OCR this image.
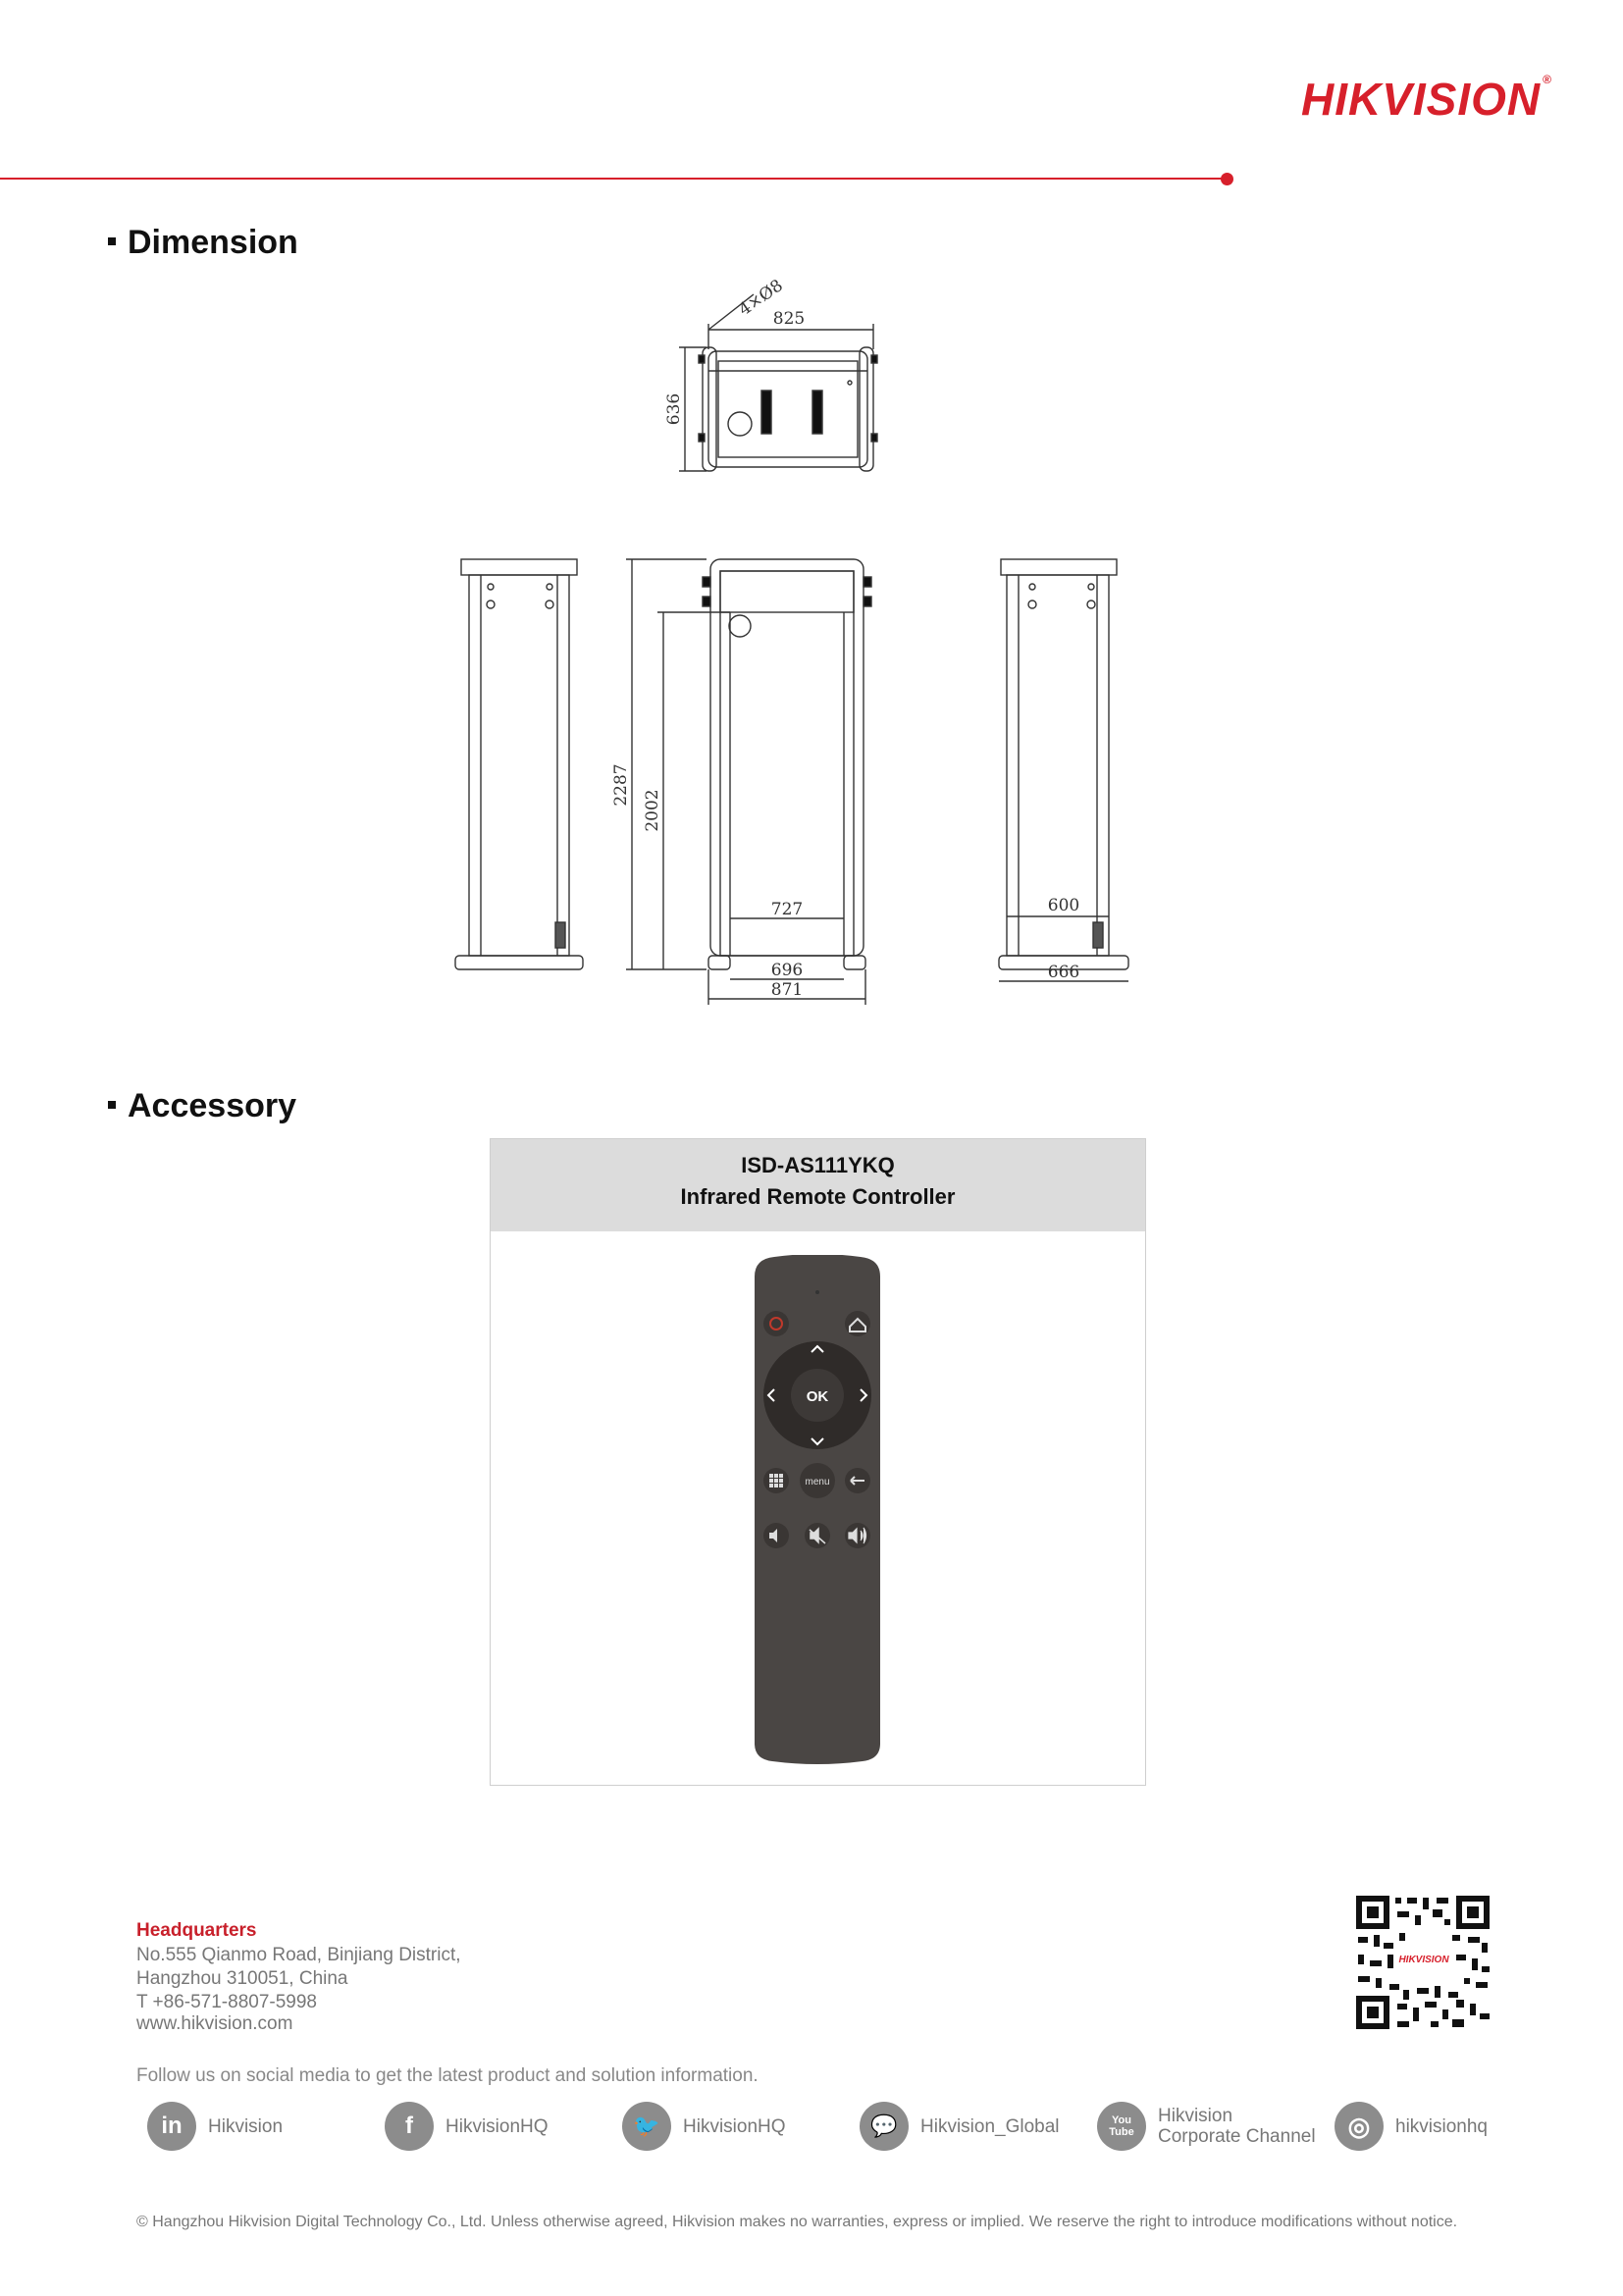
HIKVISION ®
Dimension
4×Ø8
825
636
2287
2002
727
696
871
600
666
Accessory
ISD-AS111YKQ
Infrared Remote Controller
OK
menu
Headquarters
No.555 Qianmo Road, Binjiang District,
Hangzhou 310051, China
T +86-571-8807-5998
www.hikvision.com
Follow us on social media to get the latest product and solution information.
in	Hikvision	f	HikvisionHQ	🐦	HikvisionHQ	💬	Hikvision_Global	You Tube
Hikvision
Corporate Channel	◎	hikvisionhq
HIKVISION
© Hangzhou Hikvision Digital Technology Co., Ltd. Unless otherwise agreed, Hikvision makes no warranties, express or implied. We reserve the right to introduce modifications without notice.
